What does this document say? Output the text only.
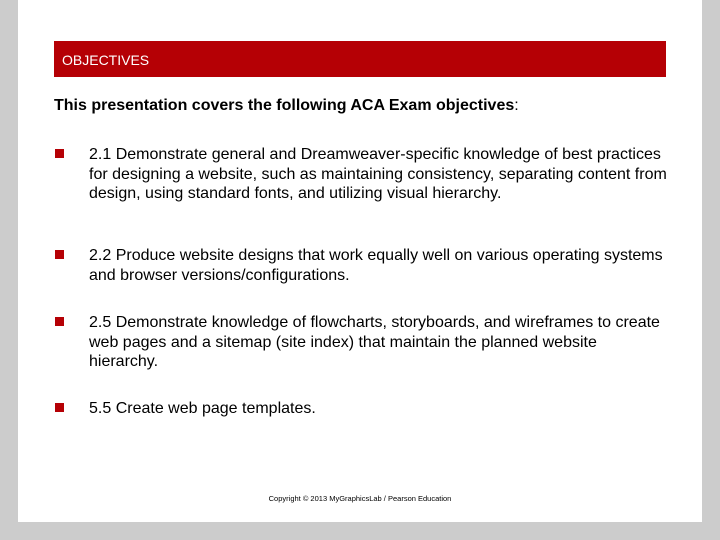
OBJECTIVES
This presentation covers the following ACA Exam objectives:
2.1 Demonstrate general and Dreamweaver-specific knowledge of best practices for designing a website, such as maintaining consistency, separating content from design, using standard fonts, and utilizing visual hierarchy.
2.2 Produce website designs that work equally well on various operating systems and browser versions/configurations.
2.5 Demonstrate knowledge of flowcharts, storyboards, and wireframes to create web pages and a sitemap (site index) that maintain the planned website hierarchy.
5.5 Create web page templates.
Copyright © 2013 MyGraphicsLab / Pearson Education
